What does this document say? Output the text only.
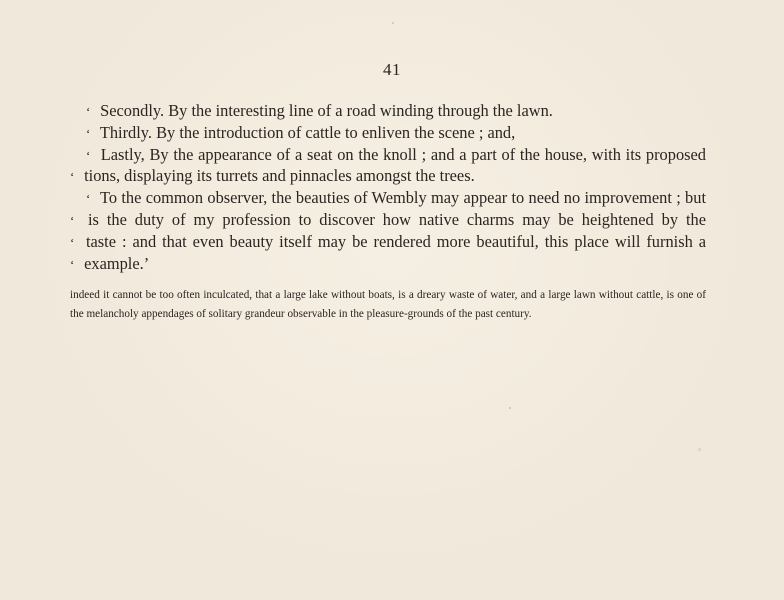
41
‘ Secondly. By the interesting line of a road winding through the lawn.
‘ Thirdly. By the introduction of cattle to enliven the scene ; and,
‘ Lastly, By the appearance of a seat on the knoll ; and a part of the house, with its proposed
‘ tions, displaying its turrets and pinnacles amongst the trees.
‘ To the common observer, the beauties of Wembly may appear to need no improvement ; but
‘ is the duty of my profession to discover how native charms may be heightened by the
‘ taste : and that even beauty itself may be rendered more beautiful, this place will furnish a
‘ example.’
indeed it cannot be too often inculcated, that a large lake without boats, is a dreary waste of water, and a large lawn without cattle, is one of
the melancholy appendages of solitary grandeur observable in the pleasure-grounds of the past century.
